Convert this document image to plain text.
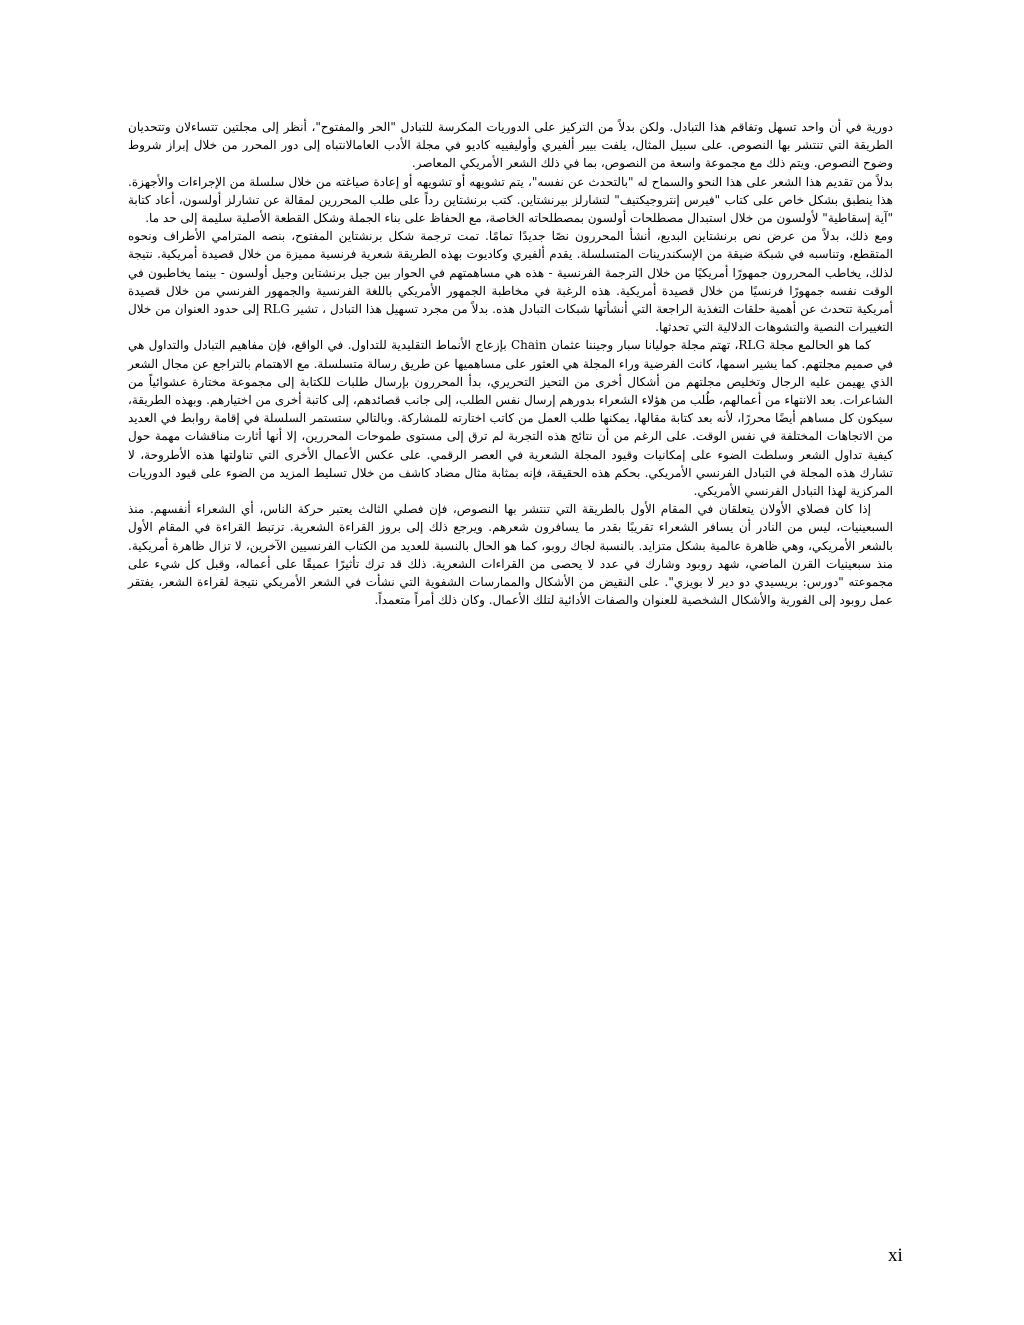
دورية في أن واحد تسهل وتفاقم هذا التبادل. ولكن بدلاً من التركيز على الدوريات المكرسة للتبادل "الحر والمفتوح"، أنظر إلى مجلتين تتساءلان وتتحديان الطريقة التي تنتشر بها النصوص. على سبيل المثال، يلفت بيير ألفيري وأوليفييه كاديو في مجلة الأدب العامالانتباه إلى دور المحرر من خلال إبراز شروط وضوح النصوص. ويتم ذلك مع مجموعة واسعة من النصوص، بما في ذلك الشعر الأمريكي المعاصر.

بدلاً من تقديم هذا الشعر على هذا النحو والسماح له "بالتحدث عن نفسه"، يتم تشويهه أو تشويهه أو إعادة صياغته من خلال سلسلة من الإجراءات والأجهزة. هذا ينطبق بشكل خاص على كتاب "فيرس إنتروجيكتيف" لتشارلز بيرنشتاين. كتب برنشتاين رداً على طلب المحررين لمقالة عن تشارلز أولسون، أعاد كتابة "آية إسقاطية" لأولسون من خلال استبدال مصطلحات أولسون بمصطلحاته الخاصة، مع الحفاظ على بناء الجملة وشكل القطعة الأصلية سليمة إلى حد ما.

ومع ذلك، بدلاً من عرض نص برنشتاين البديع، أنشأ المحررون نصًا جديدًا تمامًا. تمت ترجمة شكل برنشتاين المفتوح، بنصه المترامي الأطراف ونحوه المتقطع، وتناسبه في شبكة ضيقة من الإسكندرينات المتسلسلة. يقدم ألفيري وكاديوت بهذه الطريقة شعرية فرنسية مميزة من خلال قصيدة أمريكية. نتيجة لذلك، يخاطب المحررون جمهورًا أمريكيًا من خلال الترجمة الفرنسية - هذه هي مساهمتهم في الحوار بين جيل برنشتاين وجيل أولسون - بينما يخاطبون في الوقت نفسه جمهورًا فرنسيًا من خلال قصيدة أمريكية. هذه الرغبة في مخاطبة الجمهور الأمريكي باللغة الفرنسية والجمهور الفرنسي من خلال قصيدة أمريكية تتحدث عن أهمية حلقات التغذية الراجعة التي أنشأتها شبكات التبادل هذه. بدلاً من مجرد تسهيل هذا التبادل ، تشير RLG إلى حدود العنوان من خلال التغييرات النصية والتشوهات الدلالية التي تحدثها.

كما هو الحالمع مجلة RLG، تهتم مجلة جوليانا سبار وجيننا عثمان Chain بإزعاج الأنماط التقليدية للتداول. في الواقع، فإن مفاهيم التبادل والتداول هي في صميم مجلتهم. كما يشير اسمها، كانت الفرضية وراء المجلة هي العثور على مساهميها عن طريق رسالة متسلسلة. مع الاهتمام بالتراجع عن مجال الشعر الذي يهيمن عليه الرجال وتخليص مجلتهم من أشكال أخرى من التحيز التحريري، بدأ المحررون بإرسال طلبات للكتابة إلى مجموعة مختارة عشوائياً من الشاعرات. بعد الانتهاء من أعمالهم، طُلب من هؤلاء الشعراء بدورهم إرسال نفس الطلب، إلى جانب قصائدهم، إلى كاتبة أخرى من اختيارهم. وبهذه الطريقة، سيكون كل مساهم أيضًا محررًا، لأنه بعد كتابة مقالها، يمكنها طلب العمل من كاتب اختارته للمشاركة. وبالتالي ستستمر السلسلة في إقامة روابط في العديد من الاتجاهات المختلفة في نفس الوقت. على الرغم من أن نتائج هذه التجربة لم ترق إلى مستوى طموحات المحررين، إلا أنها أثارت مناقشات مهمة حول كيفية تداول الشعر وسلطت الضوء على إمكانيات وقيود المجلة الشعرية في العصر الرقمي. على عكس الأعمال الأخرى التي تناولتها هذه الأطروحة، لا تشارك هذه المجلة في التبادل الفرنسي الأمريكي. بحكم هذه الحقيقة، فإنه بمثابة مثال مضاد كاشف من خلال تسليط المزيد من الضوء على قيود الدوريات المركزية لهذا التبادل الفرنسي الأمريكي.

إذا كان فصلاي الأولان يتعلقان في المقام الأول بالطريقة التي تنتشر بها النصوص، فإن فصلي الثالث يعتبر حركة الناس، أي الشعراء أنفسهم. منذ السبعينيات، ليس من النادر أن يسافر الشعراء تقريبًا بقدر ما يسافرون شعرهم. ويرجع ذلك إلى بروز القراءة الشعرية. ترتبط القراءة في المقام الأول بالشعر الأمريكي، وهي ظاهرة عالمية بشكل متزايد. بالنسبة لجاك روبو، كما هو الحال بالنسبة للعديد من الكتاب الفرنسيين الآخرين، لا تزال ظاهرة أمريكية. منذ سبعينيات القرن الماضي، شهد روبود وشارك في عدد لا يحصى من القراءات الشعرية. ذلك قد ترك تأثيرًا عميقًا على أعماله، وقبل كل شيء على مجموعته "دورس: بريسيدي دو دير لا بويزي". على النقيض من الأشكال والممارسات الشفوية التي نشأت في الشعر الأمريكي نتيجة لقراءة الشعر، يفتقر عمل روبود إلى الفورية والأشكال الشخصية للعنوان والصفات الأدائية لتلك الأعمال. وكان ذلك أمراً متعمداً.

xi
